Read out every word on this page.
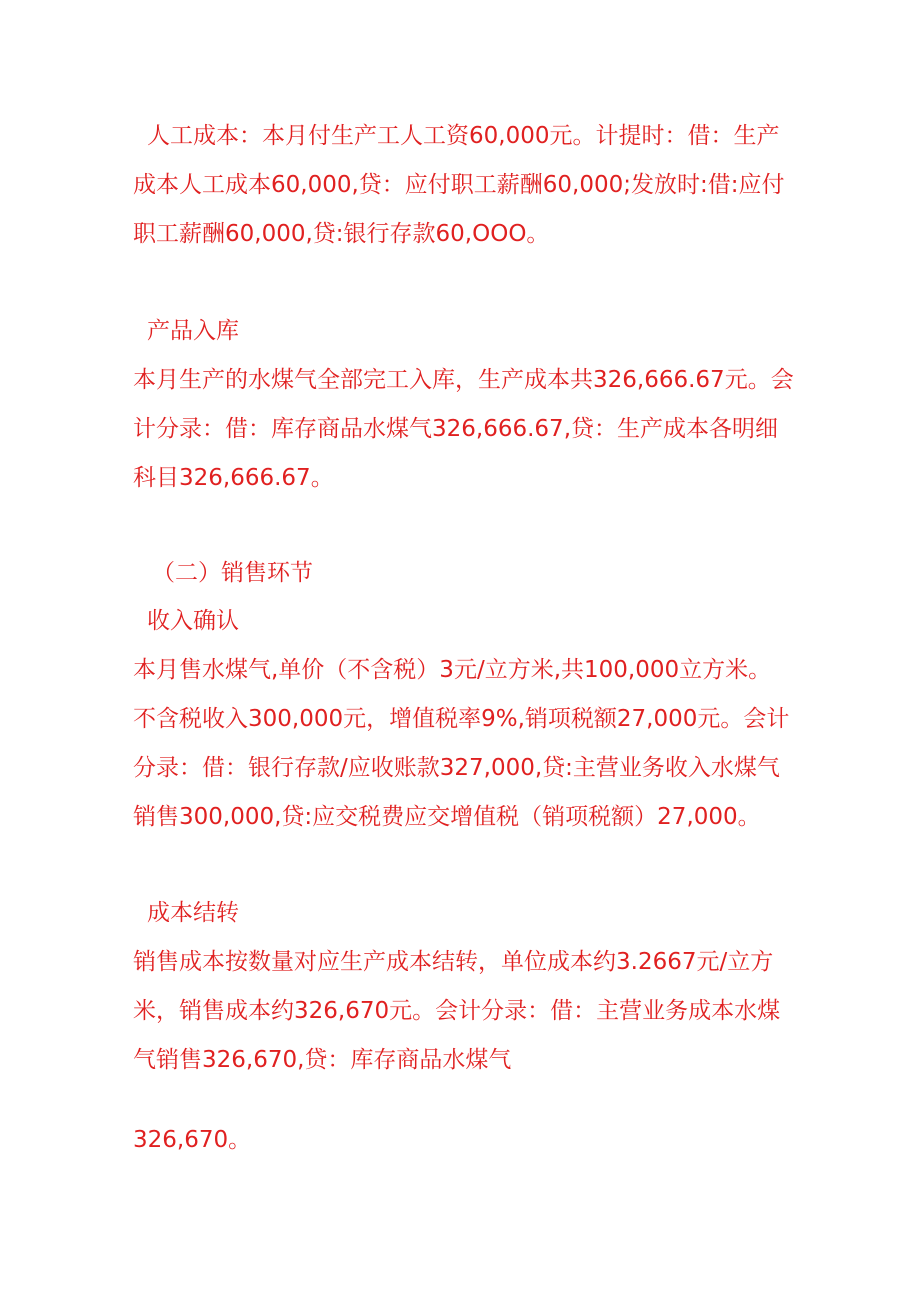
人工成本：本月付生产工人工资60,000元。计提时：借：生产
成本人工成本60,000,贷：应付职工薪酬60,000;发放时:借:应付
职工薪酬60,000,贷:银行存款60,OOO。
产品入库
本月生产的水煤气全部完工入库，生产成本共326,666.67元。会
计分录：借：库存商品水煤气326,666.67,贷：生产成本各明细
科目326,666.67。
（二）销售环节
收入确认
本月售水煤气,单价（不含税）3元/立方米,共100,000立方米。
不含税收入300,000元，增值税率9%,销项税额27,000元。会计
分录：借：银行存款/应收账款327,000,贷:主营业务收入水煤气
销售300,000,贷:应交税费应交增值税（销项税额）27,000。
成本结转
销售成本按数量对应生产成本结转，单位成本约3.2667元/立方
米，销售成本约326,670元。会计分录：借：主营业务成本水煤
气销售326,670,贷：库存商品水煤气
326,670。
